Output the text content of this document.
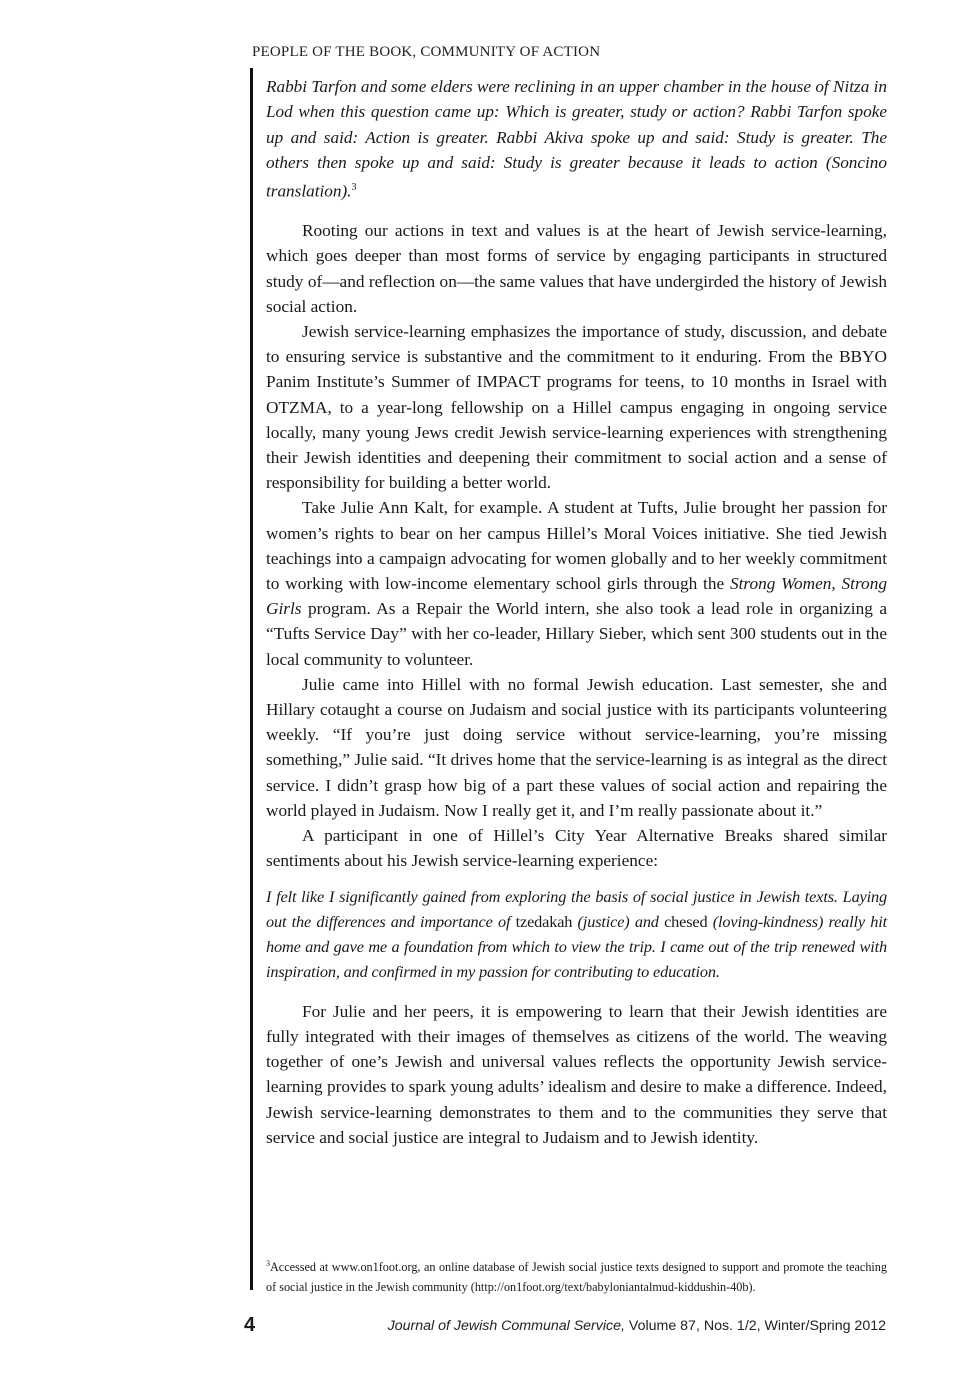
PEOPLE OF THE BOOK, COMMUNITY OF ACTION

Rabbi Tarfon and some elders were reclining in an upper chamber in the house of Nitza in Lod when this question came up: Which is greater, study or action? Rabbi Tarfon spoke up and said: Action is greater. Rabbi Akiva spoke up and said: Study is greater. The others then spoke up and said: Study is greater because it leads to action (Soncino translation).$^3$

Rooting our actions in text and values is at the heart of Jewish service-learning, which goes deeper than most forms of service by engaging participants in structured study of—and reflection on—the same values that have undergirded the history of Jewish social action.

Jewish service-learning emphasizes the importance of study, discussion, and debate to ensuring service is substantive and the commitment to it enduring. From the BBYO Panim Institute’s Summer of IMPACT programs for teens, to 10 months in Israel with OTZMA, to a year-long fellowship on a Hillel campus engaging in ongoing service locally, many young Jews credit Jewish service-learning experiences with strengthening their Jewish identities and deepening their commitment to social action and a sense of responsibility for building a better world.

Take Julie Ann Kalt, for example. A student at Tufts, Julie brought her passion for women’s rights to bear on her campus Hillel’s Moral Voices initiative. She tied Jewish teachings into a campaign advocating for women globally and to her weekly commitment to working with low-income elementary school girls through the Strong Women, Strong Girls program. As a Repair the World intern, she also took a lead role in organizing a “Tufts Service Day” with her co-leader, Hillary Sieber, which sent 300 students out in the local community to volunteer.

Julie came into Hillel with no formal Jewish education. Last semester, she and Hillary cotaught a course on Judaism and social justice with its participants volunteering weekly. “If you’re just doing service without service-learning, you’re missing something,” Julie said. “It drives home that the service-learning is as integral as the direct service. I didn’t grasp how big of a part these values of social action and repairing the world played in Judaism. Now I really get it, and I’m really passionate about it.”

A participant in one of Hillel’s City Year Alternative Breaks shared similar sentiments about his Jewish service-learning experience:

I felt like I significantly gained from exploring the basis of social justice in Jewish texts. Laying out the differences and importance of tzedakah (justice) and chesed (loving-kindness) really hit home and gave me a foundation from which to view the trip. I came out of the trip renewed with inspiration, and confirmed in my passion for contributing to education.

For Julie and her peers, it is empowering to learn that their Jewish identities are fully integrated with their images of themselves as citizens of the world. The weaving together of one’s Jewish and universal values reflects the opportunity Jewish service-learning provides to spark young adults’ idealism and desire to make a difference. Indeed, Jewish service-learning demonstrates to them and to the communities they serve that service and social justice are integral to Judaism and to Jewish identity.

$^3$Accessed at www.on1foot.org, an online database of Jewish social justice texts designed to support and promote the teaching of social justice in the Jewish community (http://on1foot.org/text/babyloniantalmud-kiddushin-40b).
4	Journal of Jewish Communal Service, Volume 87, Nos. 1/2, Winter/Spring 2012
